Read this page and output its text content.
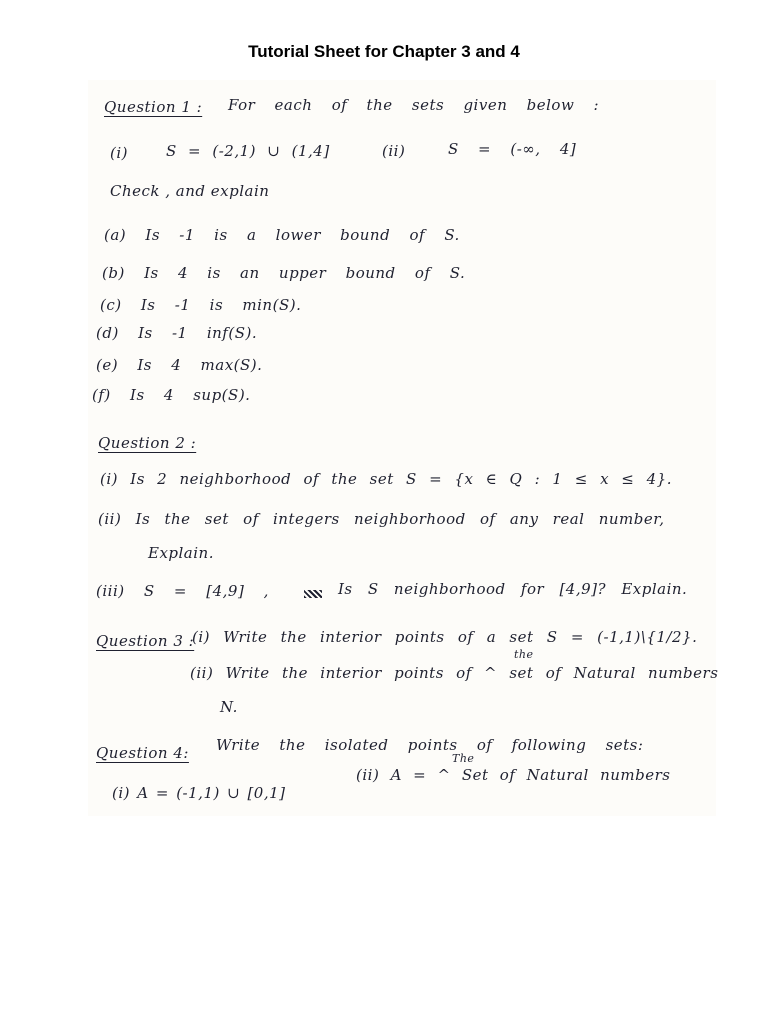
Tutorial Sheet for Chapter 3 and 4
Question 1 : For each of the sets given below :
(i)	S = (-2,1) ∪ (1,4]	(ii)	S = (-∞, 4]
Check , and explain
(a) Is -1 is a lower bound of S.
(b) Is 4 is an upper bound of S.
(c) Is -1 is min(S).
(d) Is -1 inf(S).
(e) Is 4 max(S).
(f) Is 4 sup(S).
Question 2 :
(i) Is 2 neighborhood of the set S = {x ∈ Q : 1 ≤ x ≤ 4}.
(ii) Is the set of integers neighborhood of any real number,
Explain.
(iii) S = [4,9] ,	Is S neighborhood for [4,9]? Explain.
Question 3 :
(i) Write the interior points of a set S = (-1,1)\{1/2}.
the
(ii) Write the interior points of ^ set of Natural numbers
N.
Question 4: Write the isolated points of following sets:
(i) A = (-1,1) ∪ [0,1]
The
(ii) A = ^ Set of Natural numbers
